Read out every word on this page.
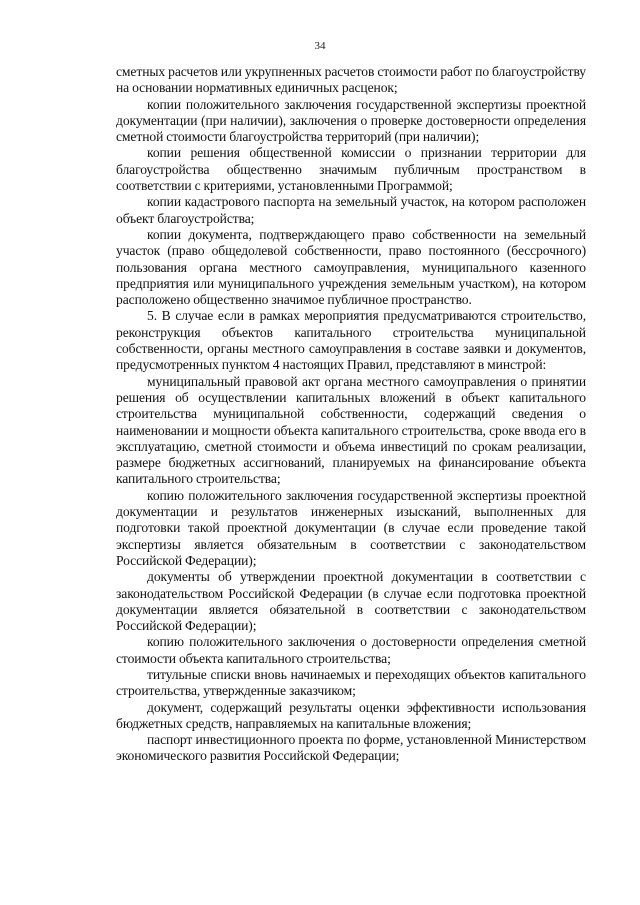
34

сметных расчетов или укрупненных расчетов стоимости работ по благоустройству на основании нормативных единичных расценок;

копии положительного заключения государственной экспертизы проектной документации (при наличии), заключения о проверке достоверности определения сметной стоимости благоустройства территорий (при наличии);

копии решения общественной комиссии о признании территории для благоустройства общественно значимым публичным пространством в соответствии с критериями, установленными Программой;

копии кадастрового паспорта на земельный участок, на котором расположен объект благоустройства;

копии документа, подтверждающего право собственности на земельный участок (право общедолевой собственности, право постоянного (бессрочного) пользования органа местного самоуправления, муниципального казенного предприятия или муниципального учреждения земельным участком), на котором расположено общественно значимое публичное пространство.

5. В случае если в рамках мероприятия предусматриваются строительство, реконструкция объектов капитального строительства муниципальной собственности, органы местного самоуправления в составе заявки и документов, предусмотренных пунктом 4 настоящих Правил, представляют в минстрой:

муниципальный правовой акт органа местного самоуправления о принятии решения об осуществлении капитальных вложений в объект капитального строительства муниципальной собственности, содержащий сведения о наименовании и мощности объекта капитального строительства, сроке ввода его в эксплуатацию, сметной стоимости и объема инвестиций по срокам реализации, размере бюджетных ассигнований, планируемых на финансирование объекта капитального строительства;

копию положительного заключения государственной экспертизы проектной документации и результатов инженерных изысканий, выполненных для подготовки такой проектной документации (в случае если проведение такой экспертизы является обязательным в соответствии с законодательством Российской Федерации);

документы об утверждении проектной документации в соответствии с законодательством Российской Федерации (в случае если подготовка проектной документации является обязательной в соответствии с законодательством Российской Федерации);

копию положительного заключения о достоверности определения сметной стоимости объекта капитального строительства;

титульные списки вновь начинаемых и переходящих объектов капитального строительства, утвержденные заказчиком;

документ, содержащий результаты оценки эффективности использования бюджетных средств, направляемых на капитальные вложения;

паспорт инвестиционного проекта по форме, установленной Министерством экономического развития Российской Федерации;
